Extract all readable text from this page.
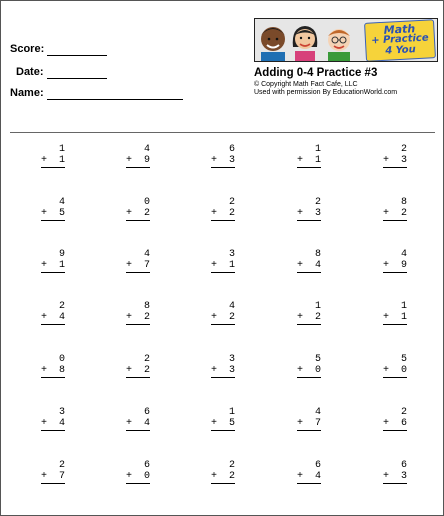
Score:
Date:
Name:
Math
+ Practice
4 You
Adding 0-4 Practice #3
© Copyright Math Fact Cafe, LLC
Used with permission By EducationWorld.com
1
+ 1
4
+ 9
6
+ 3
1
+ 1
2
+ 3
4
+ 5
0
+ 2
2
+ 2
2
+ 3
8
+ 2
9
+ 1
4
+ 7
3
+ 1
8
+ 4
4
+ 9
2
+ 4
8
+ 2
4
+ 2
1
+ 2
1
+ 1
0
+ 8
2
+ 2
3
+ 3
5
+ 0
5
+ 0
3
+ 4
6
+ 4
1
+ 5
4
+ 7
2
+ 6
2
+ 7
6
+ 0
2
+ 2
6
+ 4
6
+ 3
